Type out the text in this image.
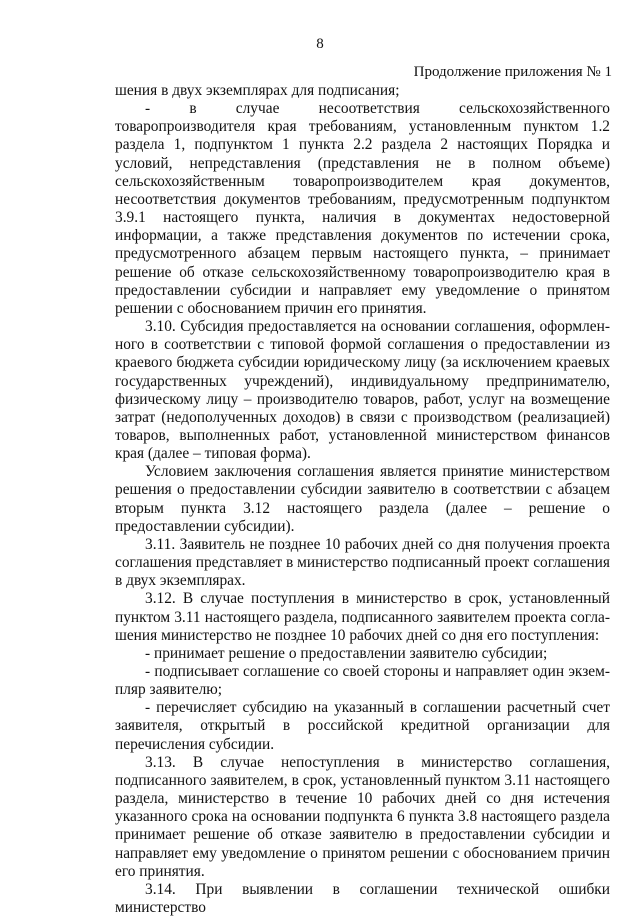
8
Продолжение приложения № 1

шения в двух экземплярах для подписания;

- в случае несоответствия сельскохозяйственного товаропроизводителя края требованиям, установленным пунктом 1.2 раздела 1, подпунктом 1 пункта 2.2 раздела 2 настоящих Порядка и условий, непредставления (представления не в полном объеме) сельскохозяйственным товаропроизводителем края документов, несоответствия документов требованиям, предусмотренным подпунктом 3.9.1 настоящего пункта, наличия в документах недостоверной информации, а также представления документов по истечении срока, предусмотренного абзацем первым настоящего пункта, – принимает решение об отказе сельскохозяйственному товаропроизводителю края в предоставлении субсидии и направляет ему уведомление о принятом решении с обоснованием причин его принятия.

3.10. Субсидия предоставляется на основании соглашения, оформленного в соответствии с типовой формой соглашения о предоставлении из краевого бюджета субсидии юридическому лицу (за исключением краевых государственных учреждений), индивидуальному предпринимателю, физическому лицу – производителю товаров, работ, услуг на возмещение затрат (недополученных доходов) в связи с производством (реализацией) товаров, выполненных работ, установленной министерством финансов края (далее – типовая форма).

Условием заключения соглашения является принятие министерством решения о предоставлении субсидии заявителю в соответствии с абзацем вторым пункта 3.12 настоящего раздела (далее – решение о предоставлении субсидии).

3.11. Заявитель не позднее 10 рабочих дней со дня получения проекта соглашения представляет в министерство подписанный проект соглашения в двух экземплярах.

3.12. В случае поступления в министерство в срок, установленный пунктом 3.11 настоящего раздела, подписанного заявителем проекта соглашения министерство не позднее 10 рабочих дней со дня его поступления:

- принимает решение о предоставлении заявителю субсидии;

- подписывает соглашение со своей стороны и направляет один экземпляр заявителю;

- перечисляет субсидию на указанный в соглашении расчетный счет заявителя, открытый в российской кредитной организации для перечисления субсидии.

3.13. В случае непоступления в министерство соглашения, подписанного заявителем, в срок, установленный пунктом 3.11 настоящего раздела, министерство в течение 10 рабочих дней со дня истечения указанного срока на основании подпункта 6 пункта 3.8 настоящего раздела принимает решение об отказе заявителю в предоставлении субсидии и направляет ему уведомление о принятом решении с обоснованием причин его принятия.

3.14. При выявлении в соглашении технической ошибки министерство
